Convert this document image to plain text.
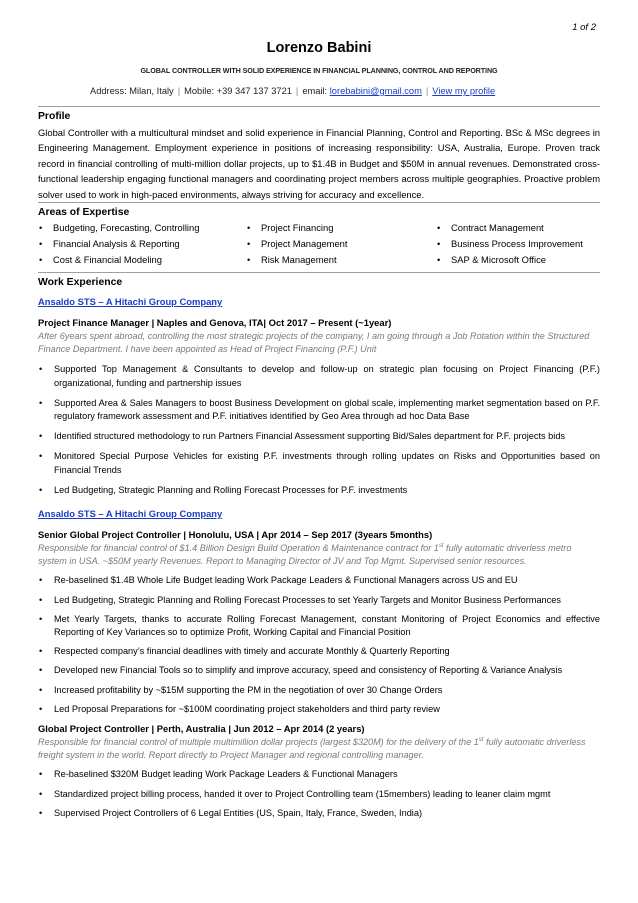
1 of 2
Lorenzo Babini
GLOBAL CONTROLLER WITH SOLID EXPERIENCE IN FINANCIAL PLANNING, CONTROL AND REPORTING
Address: Milan, Italy | Mobile: +39 347 137 3721 | email: lorebabini@gmail.com | View my profile
Profile

Global Controller with a multicultural mindset and solid experience in Financial Planning, Control and Reporting. BSc & MSc degrees in Engineering Management. Employment experience in positions of increasing responsibility: USA, Australia, Europe. Proven track record in financial controlling of multi-million dollar projects, up to $1.4B in Budget and $50M in annual revenues. Demonstrated cross-functional leadership engaging functional managers and coordinating project members across multiple geographies. Proactive problem solver used to work in high-paced environments, always striving for accuracy and excellence.

Areas of Expertise
• Budgeting, Forecasting, Controlling
• Financial Analysis & Reporting
• Cost & Financial Modeling
• Project Financing
• Project Management
• Risk Management
• Contract Management
• Business Process Improvement
• SAP & Microsoft Office
Work Experience

Ansaldo STS – A Hitachi Group Company

Project Finance Manager | Naples and Genova, ITA| Oct 2017 – Present (~1year)

After 6years spent abroad, controlling the most strategic projects of the company, I am going through a Job Rotation within the Structured Finance Department. I have been appointed as Head of Project Financing (P.F.) Unit

• Supported Top Management & Consultants to develop and follow-up on strategic plan focusing on Project Financing (P.F.) organizational, funding and partnership issues
• Supported Area & Sales Managers to boost Business Development on global scale, implementing market segmentation based on P.F. regulatory framework assessment and P.F. initiatives identified by Geo Area through ad hoc Data Base
• Identified structured methodology to run Partners Financial Assessment supporting Bid/Sales department for P.F. projects bids
• Monitored Special Purpose Vehicles for existing P.F. investments through rolling updates on Risks and Opportunities based on Financial Trends
• Led Budgeting, Strategic Planning and Rolling Forecast Processes for P.F. investments

Ansaldo STS – A Hitachi Group Company

Senior Global Project Controller | Honolulu, USA | Apr 2014 – Sep 2017 (3years 5months)

Responsible for financial control of $1.4 Billion Design Build Operation & Maintenance contract for 1st fully automatic driverless metro system in USA. ~$50M yearly Revenues. Report to Managing Director of JV and Top Mgmt. Supervised senior resources.

• Re-baselined $1.4B Whole Life Budget leading Work Package Leaders & Functional Managers across US and EU
• Led Budgeting, Strategic Planning and Rolling Forecast Processes to set Yearly Targets and Monitor Business Performances
• Met Yearly Targets, thanks to accurate Rolling Forecast Management, constant Monitoring of Project Economics and effective Reporting of Key Variances so to optimize Profit, Working Capital and Financial Position
• Respected company’s financial deadlines with timely and accurate Monthly & Quarterly Reporting
• Developed new Financial Tools so to simplify and improve accuracy, speed and consistency of Reporting & Variance Analysis
• Increased profitability by ~$15M supporting the PM in the negotiation of over 30 Change Orders
• Led Proposal Preparations for ~$100M coordinating project stakeholders and third party review

Global Project Controller | Perth, Australia | Jun 2012 – Apr 2014 (2 years)

Responsible for financial control of multiple multimillion dollar projects (largest $320M) for the delivery of the 1st fully automatic driverless freight system in the world. Report directly to Project Manager and regional controlling manager.

• Re-baselined $320M Budget leading Work Package Leaders & Functional Managers
• Standardized project billing process, handed it over to Project Controlling team (15members) leading to leaner claim mgmt
• Supervised Project Controllers of 6 Legal Entities (US, Spain, Italy, France, Sweden, India)
